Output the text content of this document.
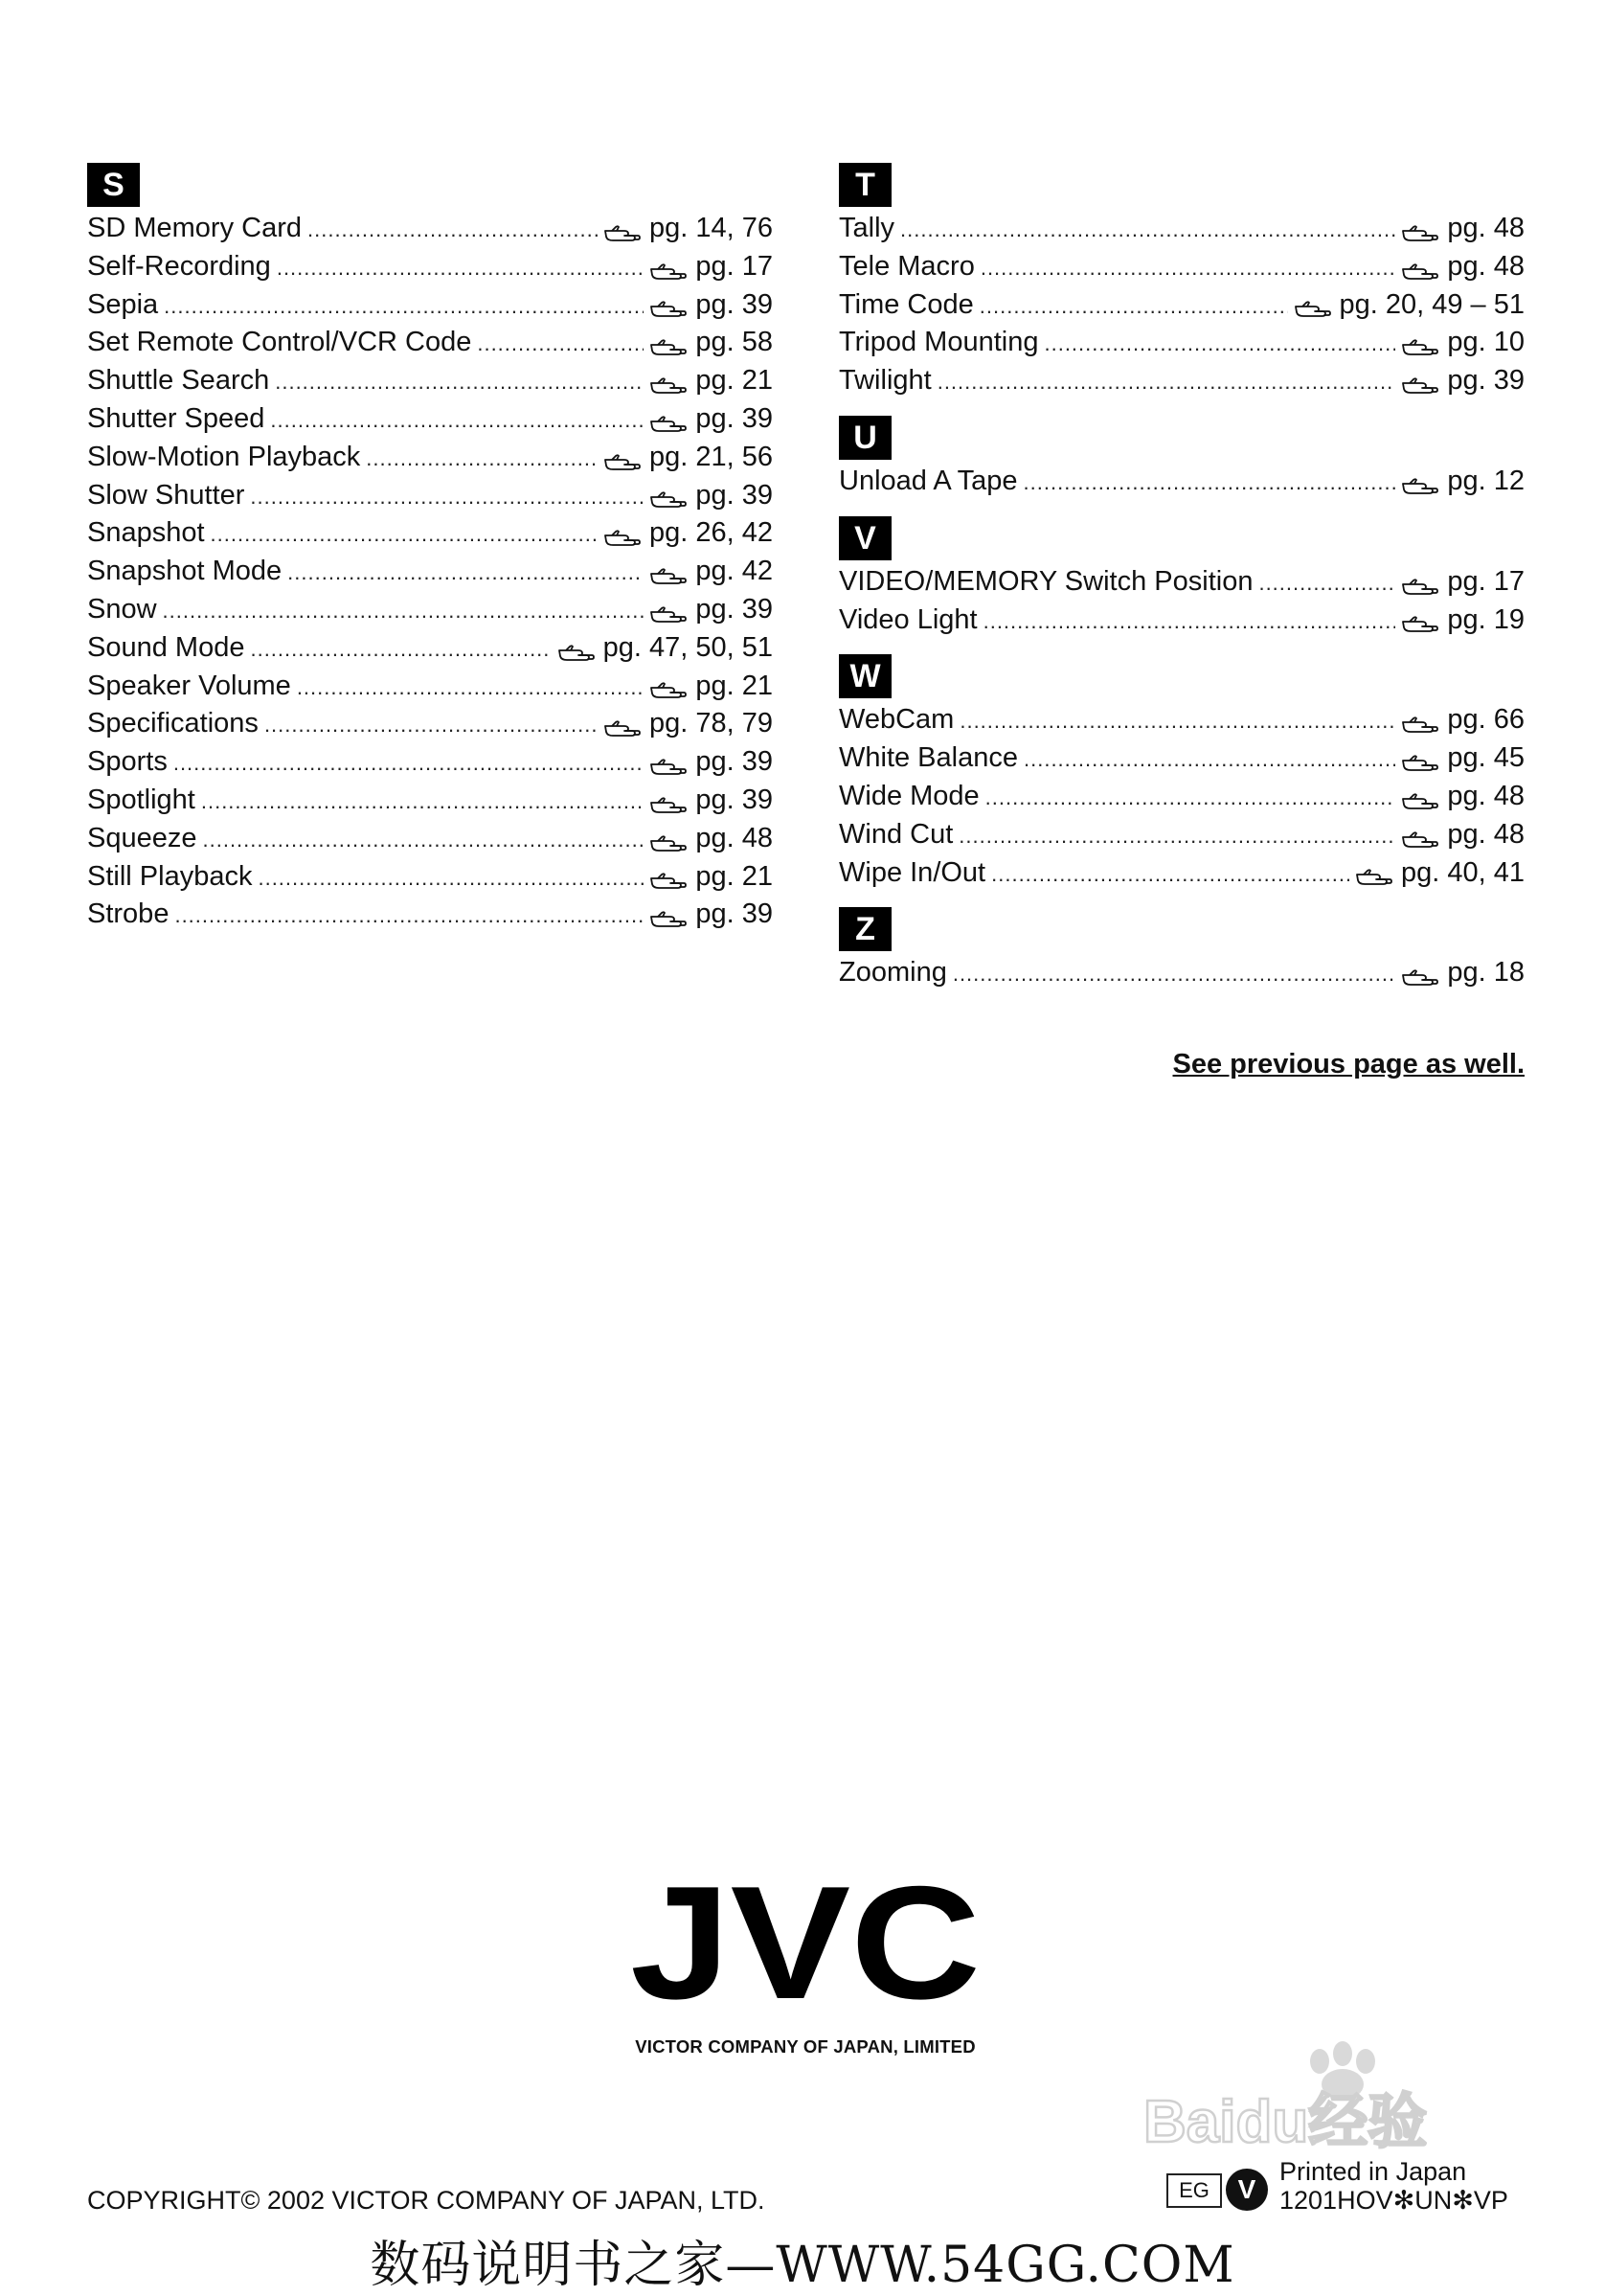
S
SD Memory Card .....	pg. 14, 76
Self-Recording .....	pg. 17
Sepia .....	pg. 39
Set Remote Control/VCR Code .....	pg. 58
Shuttle Search .....	pg. 21
Shutter Speed .....	pg. 39
Slow-Motion Playback .....	pg. 21, 56
Slow Shutter .....	pg. 39
Snapshot .....	pg. 26, 42
Snapshot Mode .....	pg. 42
Snow .....	pg. 39
Sound Mode .....	pg. 47, 50, 51
Speaker Volume .....	pg. 21
Specifications .....	pg. 78, 79
Sports .....	pg. 39
Spotlight .....	pg. 39
Squeeze .....	pg. 48
Still Playback .....	pg. 21
Strobe .....	pg. 39
T
Tally .....	pg. 48
Tele Macro .....	pg. 48
Time Code .....	pg. 20, 49 – 51
Tripod Mounting .....	pg. 10
Twilight .....	pg. 39
U
Unload A Tape .....	pg. 12
V
VIDEO/MEMORY Switch Position .....	pg. 17
Video Light .....	pg. 19
W
WebCam .....	pg. 66
White Balance .....	pg. 45
Wide Mode .....	pg. 48
Wind Cut .....	pg. 48
Wipe In/Out .....	pg. 40, 41
Z
Zooming .....	pg. 18
See previous page as well.
JVC
VICTOR COMPANY OF JAPAN, LIMITED
COPYRIGHT© 2002 VICTOR COMPANY OF JAPAN, LTD.	EG	V
Printed in Japan
1201HOV✻UN✻VP
Baidu经验
数码说明书之家—WWW.54GG.COM
